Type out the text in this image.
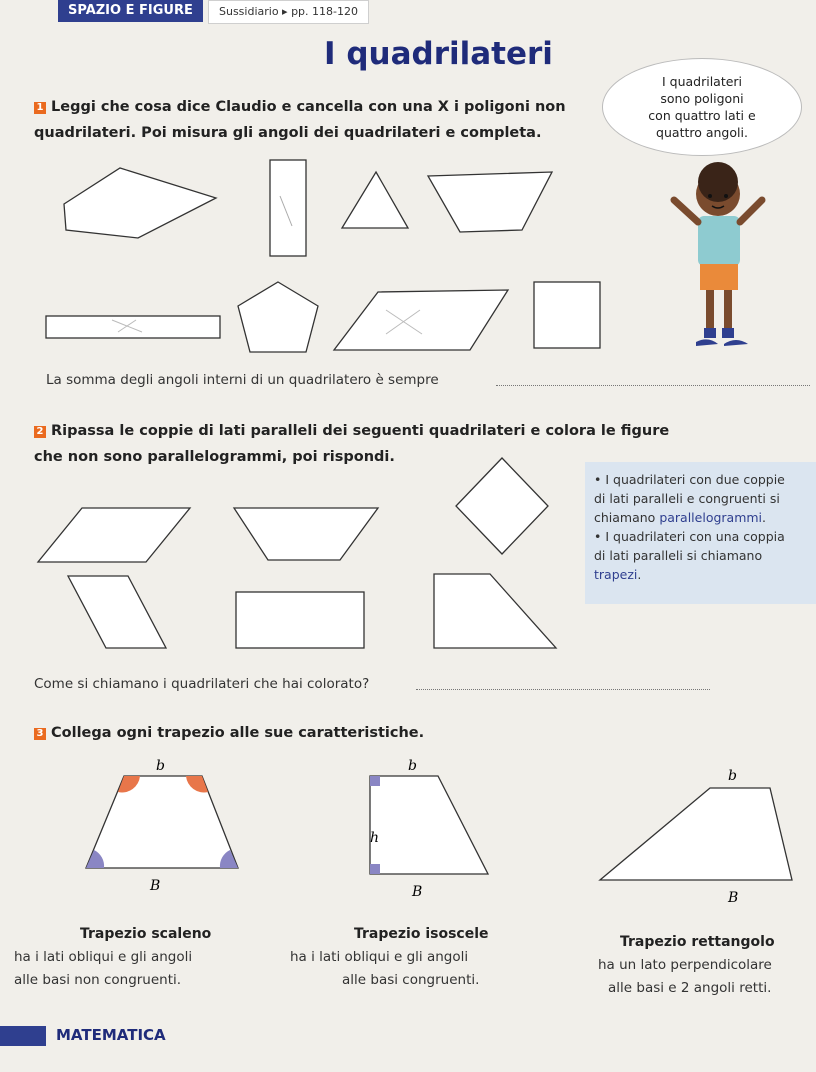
SPAZIO E FIGURE	Sussidiario ▸ pp. 118-120
I quadrilateri
I quadrilateri
sono poligoni
con quattro lati e
quattro angoli.
1 Leggi che cosa dice Claudio e cancella con una X i poligoni non
quadrilateri. Poi misura gli angoli dei quadrilateri e completa.
La somma degli angoli interni di un quadrilatero è sempre
2 Ripassa le coppie di lati paralleli dei seguenti quadrilateri e colora le figure
che non sono parallelogrammi, poi rispondi.
• I quadrilateri con due coppie
di lati paralleli e congruenti si
chiamano parallelogrammi.
• I quadrilateri con una coppia
di lati paralleli si chiamano
trapezi.
Come si chiamano i quadrilateri che hai colorato?
3 Collega ogni trapezio alle sue caratteristiche.
b
B
b
h
B
b
B
Trapezio scaleno
ha i lati obliqui e gli angoli
alle basi non congruenti.
Trapezio isoscele
ha i lati obliqui e gli angoli
alle basi congruenti.
Trapezio rettangolo
ha un lato perpendicolare
alle basi e 2 angoli retti.
MATEMATICA
